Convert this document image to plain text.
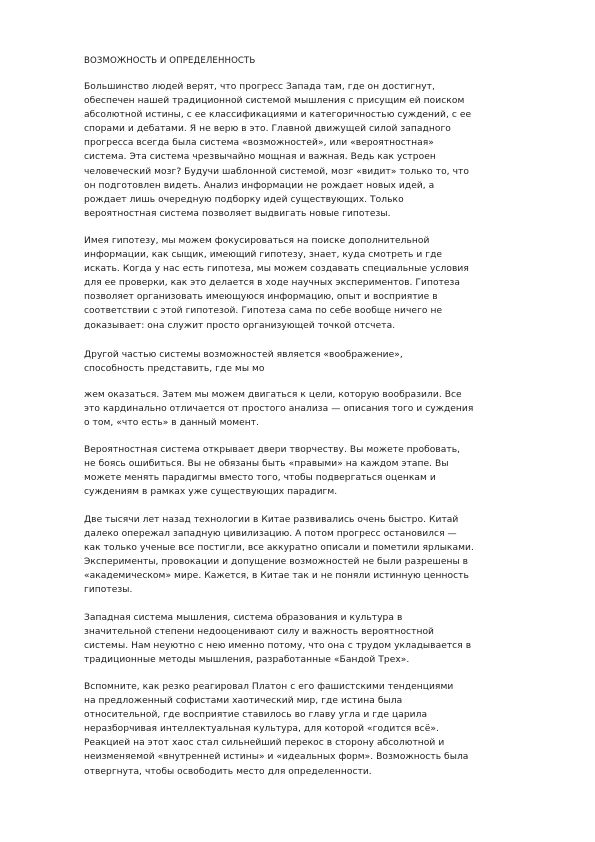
ВОЗМОЖНОСТЬ И ОПРЕДЕЛЕННОСТЬ

Большинство людей верят, что прогресс Запада там, где он достигнут,
обеспечен нашей традиционной системой мышления с присущим ей поиском
абсолютной истины, с ее классификациями и категоричностью суждений, с ее
спорами и дебатами. Я не верю в это. Главной движущей силой западного
прогресса всегда была система «возможностей», или «вероятностная»
система. Эта система чрезвычайно мощная и важная. Ведь как устроен
человеческий мозг? Будучи шаблонной системой, мозг «видит» только то, что
он подготовлен видеть. Анализ информации не рождает новых идей, а
рождает лишь очередную подборку идей существующих. Только
вероятностная система позволяет выдвигать новые гипотезы.

Имея гипотезу, мы можем фокусироваться на поиске дополнительной
информации, как сыщик, имеющий гипотезу, знает, куда смотреть и где
искать. Когда у нас есть гипотеза, мы можем создавать специальные условия
для ее проверки, как это делается в ходе научных экспериментов. Гипотеза
позволяет организовать имеющуюся информацию, опыт и восприятие в
соответствии с этой гипотезой. Гипотеза сама по себе вообще ничего не
доказывает: она служит просто организующей точкой отсчета.

Другой частью системы возможностей является «воображение»,
способность представить, где мы мо

жем оказаться. Затем мы можем двигаться к цели, которую вообразили. Все
это кардинально отличается от простого анализа — описания того и суждения
о том, «что есть» в данный момент.

Вероятностная система открывает двери творчеству. Вы можете пробовать,
не боясь ошибиться. Вы не обязаны быть «правыми» на каждом этапе. Вы
можете менять парадигмы вместо того, чтобы подвергаться оценкам и
суждениям в рамках уже существующих парадигм.

Две тысячи лет назад технологии в Китае развивались очень быстро. Китай
далеко опережал западную цивилизацию. А потом прогресс остановился —
как только ученые все постигли, все аккуратно описали и пометили ярлыками.
Эксперименты, провокации и допущение возможностей не были разрешены в
«академическом» мире. Кажется, в Китае так и не поняли истинную ценность
гипотезы.

Западная система мышления, система образования и культура в
значительной степени недооценивают силу и важность вероятностной
системы. Нам неуютно с нею именно потому, что она с трудом укладывается в
традиционные методы мышления, разработанные «Бандой Трех».

Вспомните, как резко реагировал Платон с его фашистскими тенденциями
на предложенный софистами хаотический мир, где истина была
относительной, где восприятие ставилось во главу угла и где царила
неразборчивая интеллектуальная культура, для которой «годится всё».
Реакцией на этот хаос стал сильнейший перекос в сторону абсолютной и
неизменяемой «внутренней истины» и «идеальных форм». Возможность была
отвергнута, чтобы освободить место для определенности.
